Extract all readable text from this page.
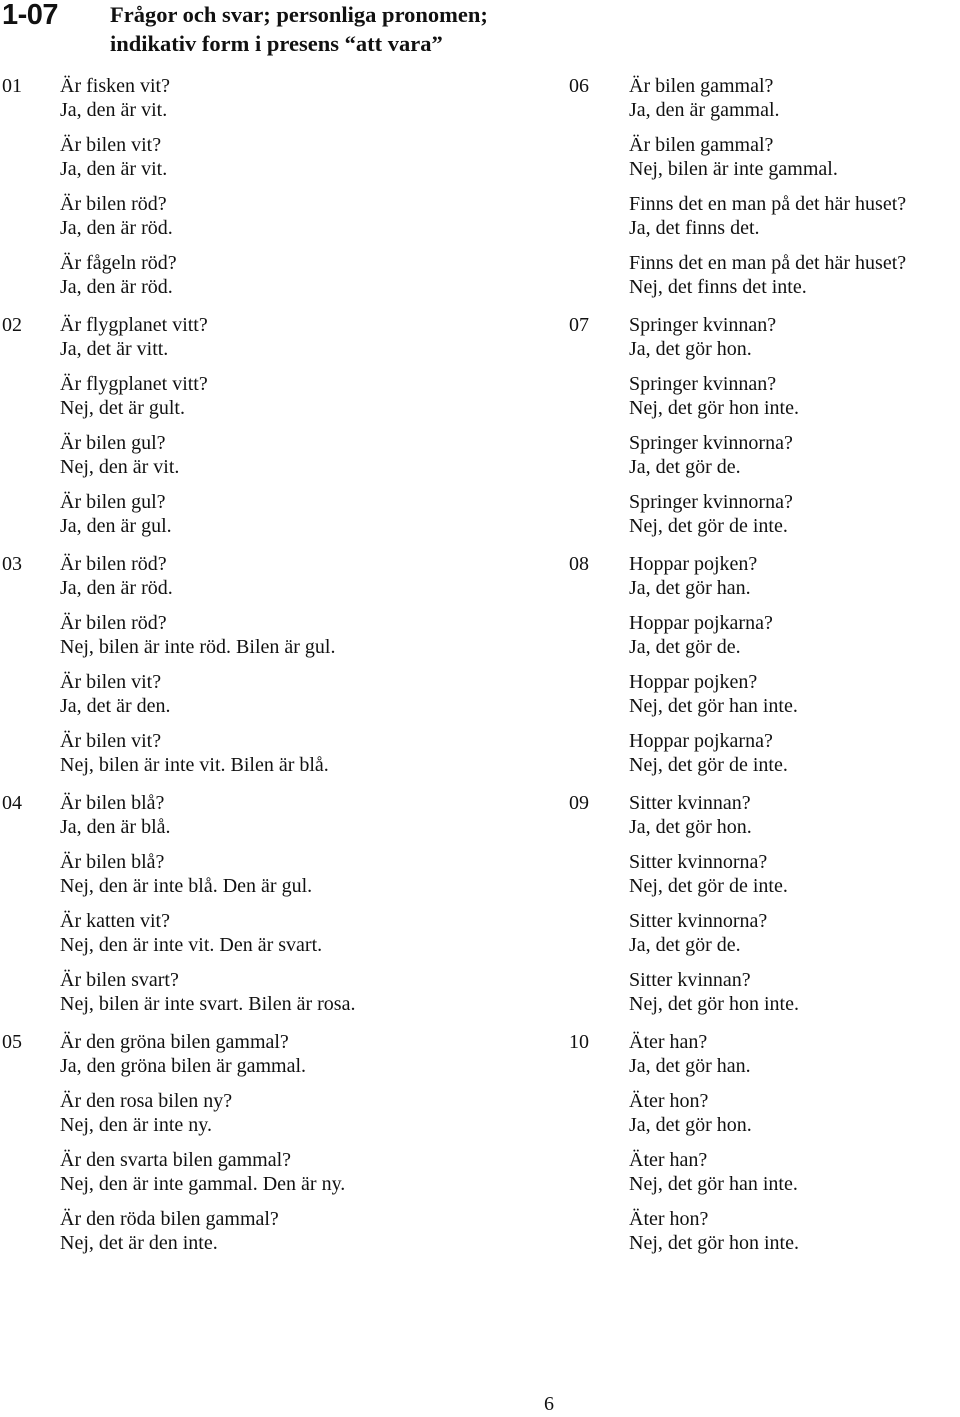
1-07 Frågor och svar; personliga pronomen;
indikativ form i presens “att vara”
01 Är fisken vit?
Ja, den är vit.
Är bilen vit?
Ja, den är vit.
Är bilen röd?
Ja, den är röd.
Är fågeln röd?
Ja, den är röd.
02 Är flygplanet vitt?
Ja, det är vitt.
Är flygplanet vitt?
Nej, det är gult.
Är bilen gul?
Nej, den är vit.
Är bilen gul?
Ja, den är gul.
03 Är bilen röd?
Ja, den är röd.
Är bilen röd?
Nej, bilen är inte röd. Bilen är gul.
Är bilen vit?
Ja, det är den.
Är bilen vit?
Nej, bilen är inte vit. Bilen är blå.
04 Är bilen blå?
Ja, den är blå.
Är bilen blå?
Nej, den är inte blå. Den är gul.
Är katten vit?
Nej, den är inte vit. Den är svart.
Är bilen svart?
Nej, bilen är inte svart. Bilen är rosa.
05 Är den gröna bilen gammal?
Ja, den gröna bilen är gammal.
Är den rosa bilen ny?
Nej, den är inte ny.
Är den svarta bilen gammal?
Nej, den är inte gammal. Den är ny.
Är den röda bilen gammal?
Nej, det är den inte.
06 Är bilen gammal?
Ja, den är gammal.
Är bilen gammal?
Nej, bilen är inte gammal.
Finns det en man på det här huset?
Ja, det finns det.
Finns det en man på det här huset?
Nej, det finns det inte.
07 Springer kvinnan?
Ja, det gör hon.
Springer kvinnan?
Nej, det gör hon inte.
Springer kvinnorna?
Ja, det gör de.
Springer kvinnorna?
Nej, det gör de inte.
08 Hoppar pojken?
Ja, det gör han.
Hoppar pojkarna?
Ja, det gör de.
Hoppar pojken?
Nej, det gör han inte.
Hoppar pojkarna?
Nej, det gör de inte.
09 Sitter kvinnan?
Ja, det gör hon.
Sitter kvinnorna?
Nej, det gör de inte.
Sitter kvinnorna?
Ja, det gör de.
Sitter kvinnan?
Nej, det gör hon inte.
10 Äter han?
Ja, det gör han.
Äter hon?
Ja, det gör hon.
Äter han?
Nej, det gör han inte.
Äter hon?
Nej, det gör hon inte.
6
